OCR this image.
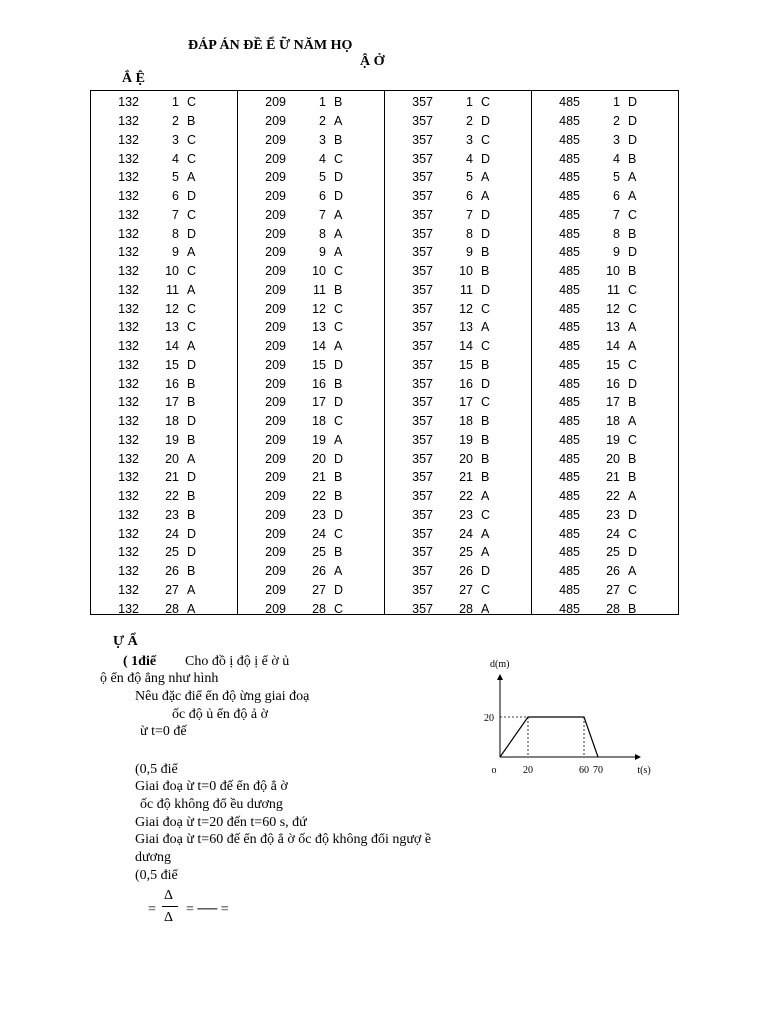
ĐÁP ÁN ĐỀ Ể Ữ NĂM HỌ
Ậ Ở
Ắ Ệ
132	1 C
132	2 B
132	3 C
132	4 C
132	5 A
132	6 D
132	7 C
132	8 D
132	9 A
132	10 C
132	11 A
132	12 C
132	13 C
132	14 A
132	15 D
132	16 B
132	17 B
132	18 D
132	19 B
132	20 A
132	21 D
132	22 B
132	23 B
132	24 D
132	25 D
132	26 B
132	27 A
132	28 A
209	1 B
209	2 A
209	3 B
209	4 C
209	5 D
209	6 D
209	7 A
209	8 A
209	9 A
209	10 C
209	11 B
209	12 C
209	13 C
209	14 A
209	15 D
209	16 B
209	17 D
209	18 C
209	19 A
209	20 D
209	21 B
209	22 B
209	23 D
209	24 C
209	25 B
209	26 A
209	27 D
209	28 C
357	1 C
357	2 D
357	3 C
357	4 D
357	5 A
357	6 A
357	7 D
357	8 D
357	9 B
357	10 B
357	11 D
357	12 C
357	13 A
357	14 C
357	15 B
357	16 D
357	17 C
357	18 B
357	19 B
357	20 B
357	21 B
357	22 A
357	23 C
357	24 A
357	25 A
357	26 D
357	27 C
357	28 A
485	1 D
485	2 D
485	3 D
485	4 B
485	5 A
485	6 A
485	7 C
485	8 B
485	9 D
485	10 B
485	11 C
485	12 C
485	13 A
485	14 A
485	15 C
485	16 D
485	17 B
485	18 A
485	19 C
485	20 B
485	21 B
485	22 A
485	23 D
485	24 C
485	25 D
485	26 A
485	27 C
485	28 B
Ự Ẩ
( 1điể Cho đồ ị độ ị ể ờ ủ
ộ ển độ ẳng như hình
Nêu đặc điể ển độ ừng giai đoạ
ốc độ ủ ển độ ả ờ
ừ t=0 đế
(0,5 điể
Giai đoạ ừ t=0 đế ển độ ẳ ờ
ốc độ không đổ ều dương
Giai đoạ ừ t=20 đến t=60 s, đứ
Giai đoạ ừ t=60 đế ển độ ẳ ờ ốc độ không đổi ngượ ề
dương
(0,5 điể
=
Δ
Δ
= ── =
d(m)
t(s)
o	20	60 70
20
